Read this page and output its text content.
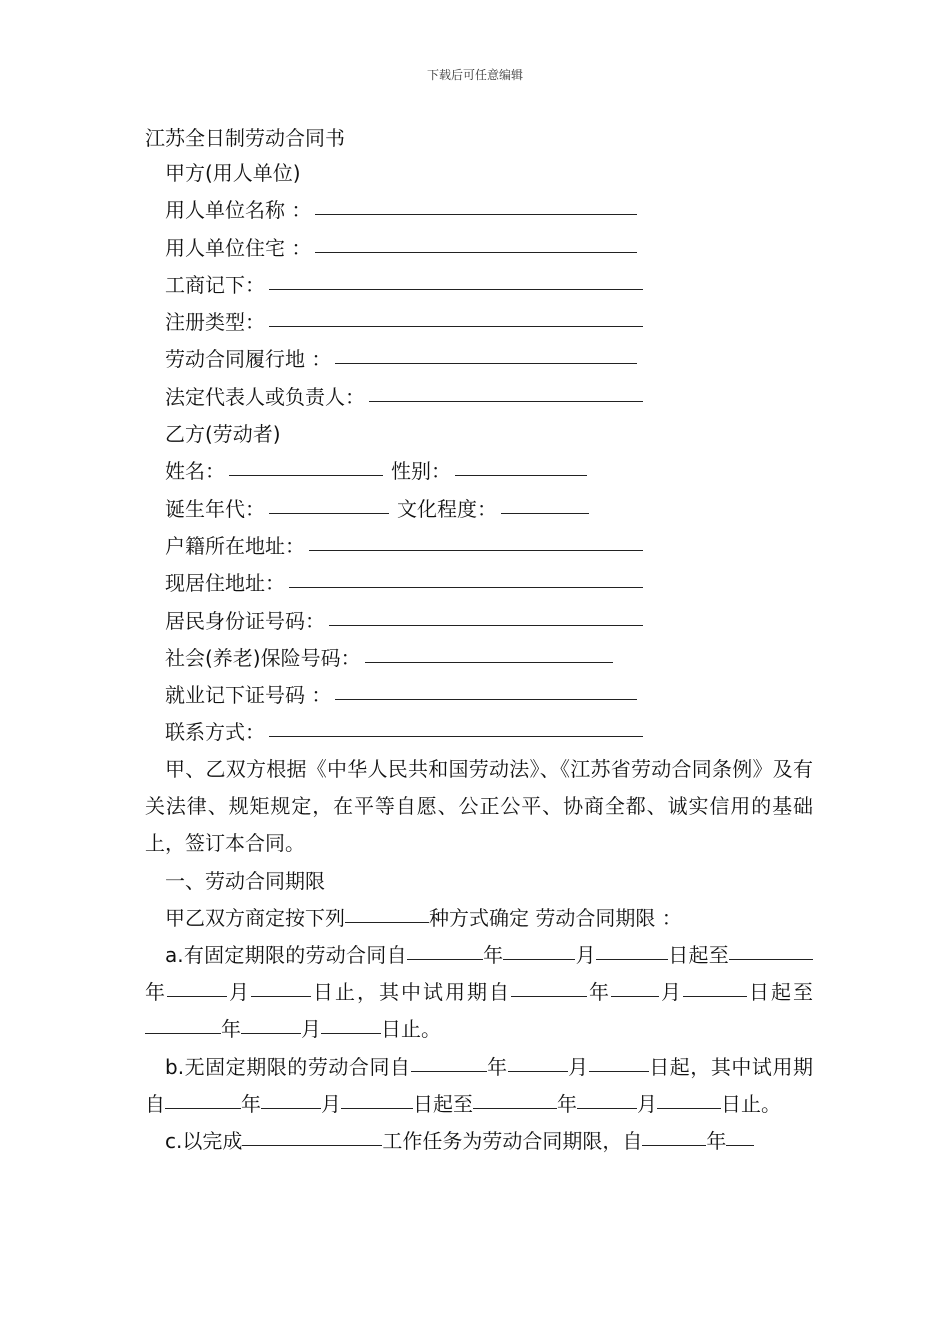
下载后可任意编辑
江苏全日制劳动合同书
甲方(用人单位)
用人单位名称 ：
用人单位住宅 ：
工商记下：
注册类型：
劳动合同履行地 ：
法定代表人或负责人：
乙方(劳动者)
姓名：	性别：
诞生年代：	文化程度：
户籍所在地址：
现居住地址：
居民身份证号码：
社会(养老)保险号码：
就业记下证号码 ：
联系方式：

甲、乙双方根据《中华人民共和国劳动法》、《江苏省劳动合同条例》及有关法律、规矩规定，在平等自愿、公正公平、协商全都、诚实信用的基础上，签订本合同。

一、劳动合同期限

甲乙双方商定按下列	种方式确定 劳动合同期限 ：

a.有固定期限的劳动合同自	年	月	日起至年	月	日止，其中试用期自	年 月	日起至年	月	日止。

b.无固定期限的劳动合同自	年	月	日起，其中试用期自	年	月	日起至	年	月	日止。

c.以完成	工作任务为劳动合同期限，自	年
